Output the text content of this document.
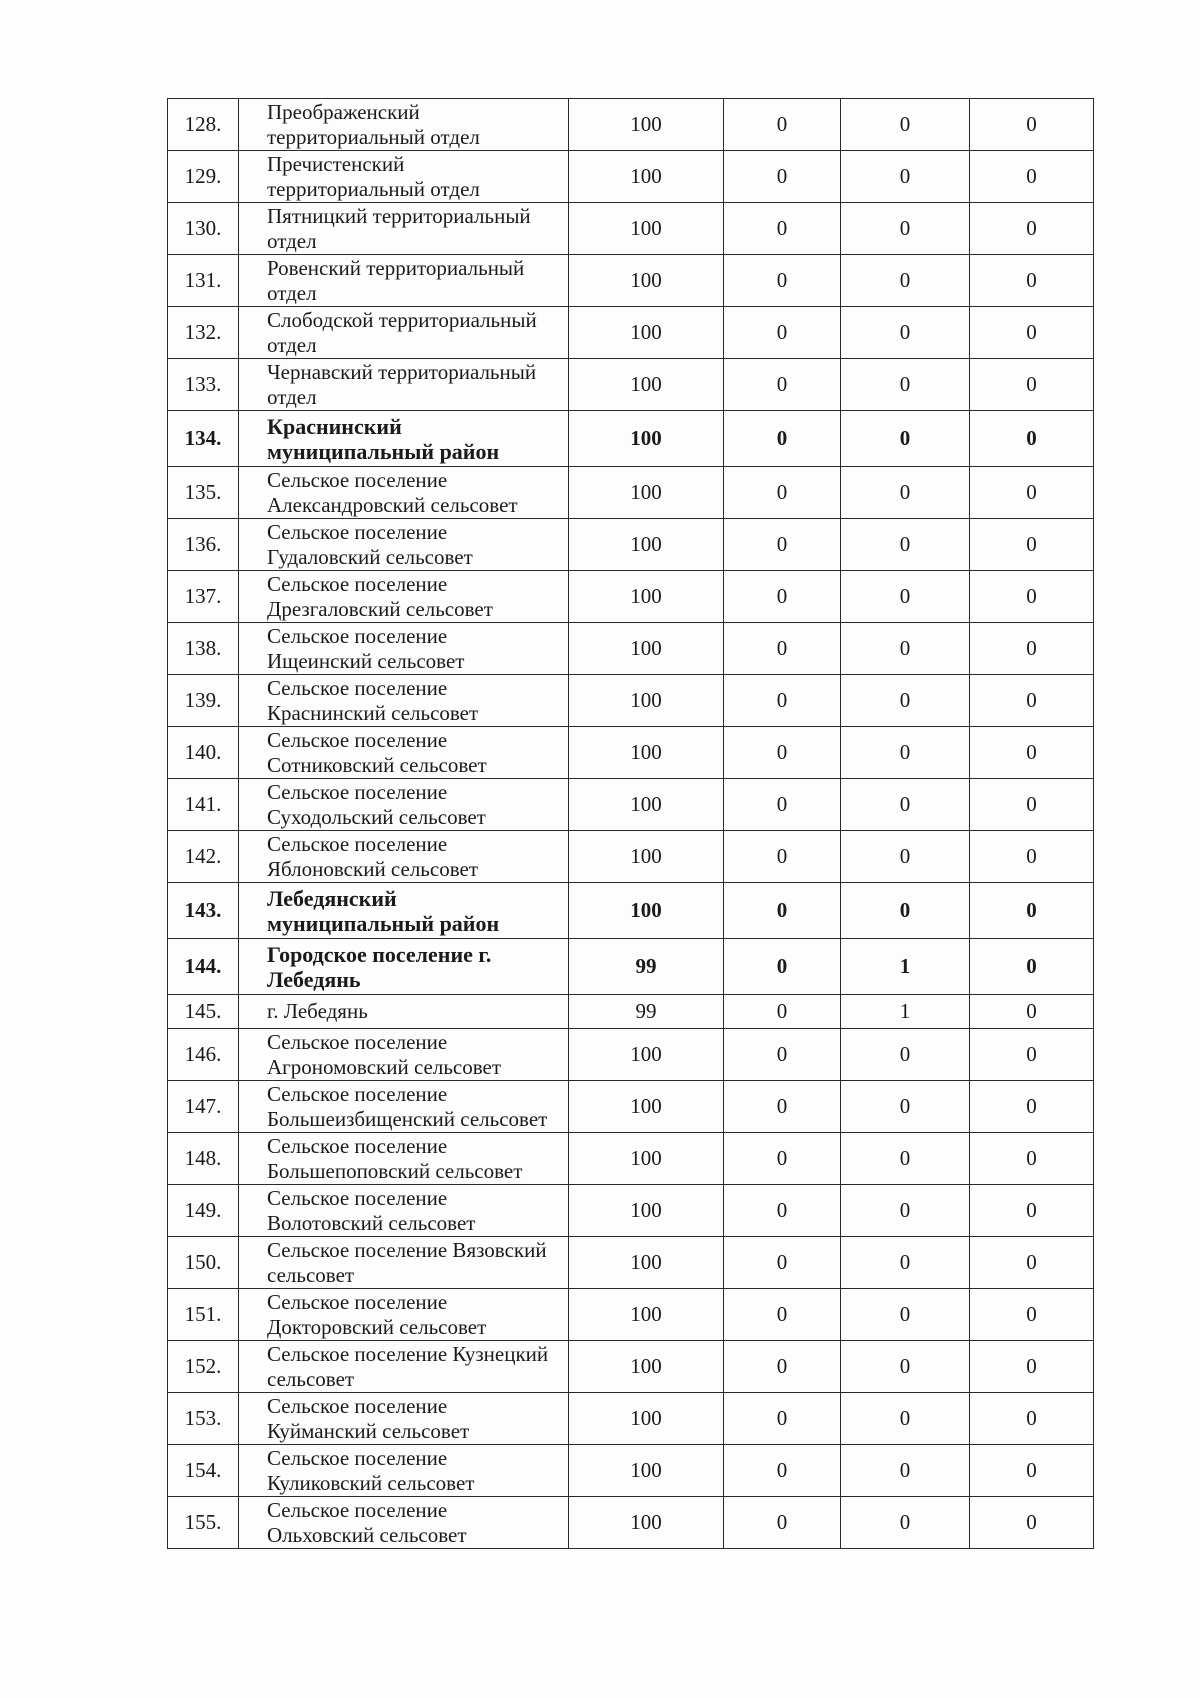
128.	Преображенский
территориальный отдел	100	0	0	0
129.	Пречистенский
территориальный отдел	100	0	0	0
130.	Пятницкий территориальный
отдел	100	0	0	0
131.	Ровенский территориальный
отдел	100	0	0	0
132.	Слободской территориальный
отдел	100	0	0	0
133.	Чернавский территориальный
отдел	100	0	0	0
134.	Краснинский
муниципальный район	100	0	0	0
135.	Сельское поселение
Александровский сельсовет	100	0	0	0
136.	Сельское поселение
Гудаловский сельсовет	100	0	0	0
137.	Сельское поселение
Дрезгаловский сельсовет	100	0	0	0
138.	Сельское поселение
Ищеинский сельсовет	100	0	0	0
139.	Сельское поселение
Краснинский сельсовет	100	0	0	0
140.	Сельское поселение
Сотниковский сельсовет	100	0	0	0
141.	Сельское поселение
Суходольский сельсовет	100	0	0	0
142.	Сельское поселение
Яблоновский сельсовет	100	0	0	0
143.	Лебедянский
муниципальный район	100	0	0	0
144.	Городское поселение г.
Лебедянь	99	0	1	0
145.	г. Лебедянь	99	0	1	0
146.	Сельское поселение
Агрономовский сельсовет	100	0	0	0
147.	Сельское поселение
Большеизбищенский сельсовет	100	0	0	0
148.	Сельское поселение
Большепоповский сельсовет	100	0	0	0
149.	Сельское поселение
Волотовский сельсовет	100	0	0	0
150.	Сельское поселение Вязовский
сельсовет	100	0	0	0
151.	Сельское поселение
Докторовский сельсовет	100	0	0	0
152.	Сельское поселение Кузнецкий
сельсовет	100	0	0	0
153.	Сельское поселение
Куйманский сельсовет	100	0	0	0
154.	Сельское поселение
Куликовский сельсовет	100	0	0	0
155.	Сельское поселение
Ольховский сельсовет	100	0	0	0
